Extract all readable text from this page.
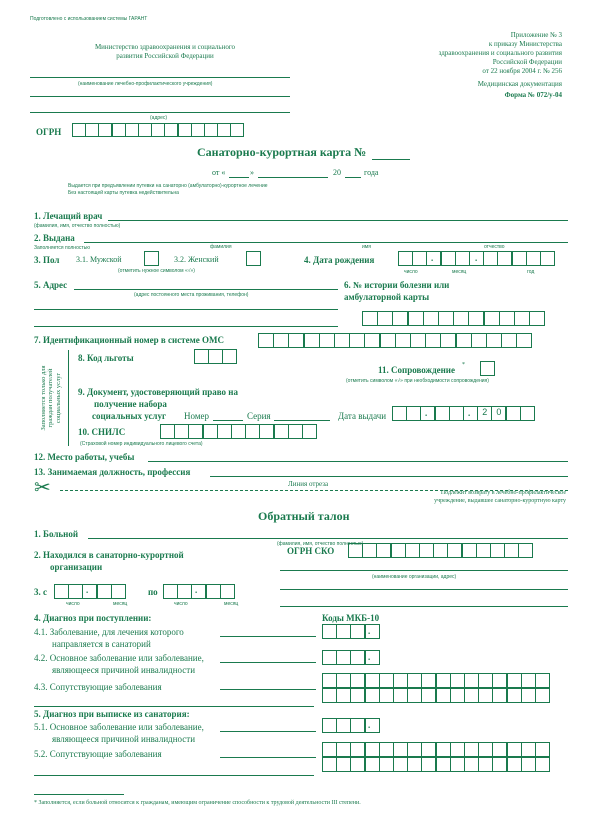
Подготовлено с использованием системы ГАРАНТ
Министерство здравоохранения и социального
развития Российской Федерации
Приложение № 3
к приказу Министерства
здравоохранения и социального развития
Российской Федерации
от 22 ноября 2004 г. № 256
Медицинская документация
Форма № 072/у-04
(наименование лечебно-профилактического учреждения)
(адрес)
ОГРН
Санаторно-курортная карта №
от «	»	20	года
Выдается при предъявлении путевки на санаторно (амбулаторно)-курортное лечение
Без настоящей карты путевка недействительна
1. Лечащий врач
(фамилия, имя, отчество полностью)
2. Выдана
Заполняется полностью	фамилия	имя	отчество
3. Пол 3.1. Мужской	3.2. Женский
(отметить нужное символом «√»)
4. Дата рождения	.	.
число	месяц	год
5. Адрес
(адрес постоянного места проживания, телефон)
6. № истории болезни или
амбулаторной карты
7. Идентификационный номер в системе ОМС
Заполняется только для граждан получателей социальных услуг
8. Код льготы
11. Сопровождение *
(отметить символом «√» при необходимости сопровождения)
9. Документ, удостоверяющий право на
получение набора
социальных услуг Номер	Серия	Дата выдачи	2	0
.	.
10. СНИЛС
(Страховой номер индивидуального лицевого счета)
12. Место работы, учебы
13. Занимаемая должность, профессия
✂	Линия отреза
Подлежит возврату в лечебно-профилактическое
учреждение, выдавшее санаторно-курортную карту
Обратный талон
1. Больной
(фамилия, имя, отчество полностью)
ОГРН СКО
2. Находился в санаторно-курортной
организации
(наименование организации, адрес)
3. с	.
число	месяц
по	.
число	месяц
4. Диагноз при поступлении:	Коды МКБ-10
4.1. Заболевание, для лечения которого
направляется в санаторий
.
4.2. Основное заболевание или заболевание,
являющееся причиной инвалидности
.
4.3. Сопутствующие заболевания
5. Диагноз при выписке из санатория:
5.1. Основное заболевание или заболевание,
являющееся причиной инвалидности
.
5.2. Сопутствующие заболевания
* Заполняется, если больной относится к гражданам, имеющим ограничение способности к трудовой деятельности III степени.
